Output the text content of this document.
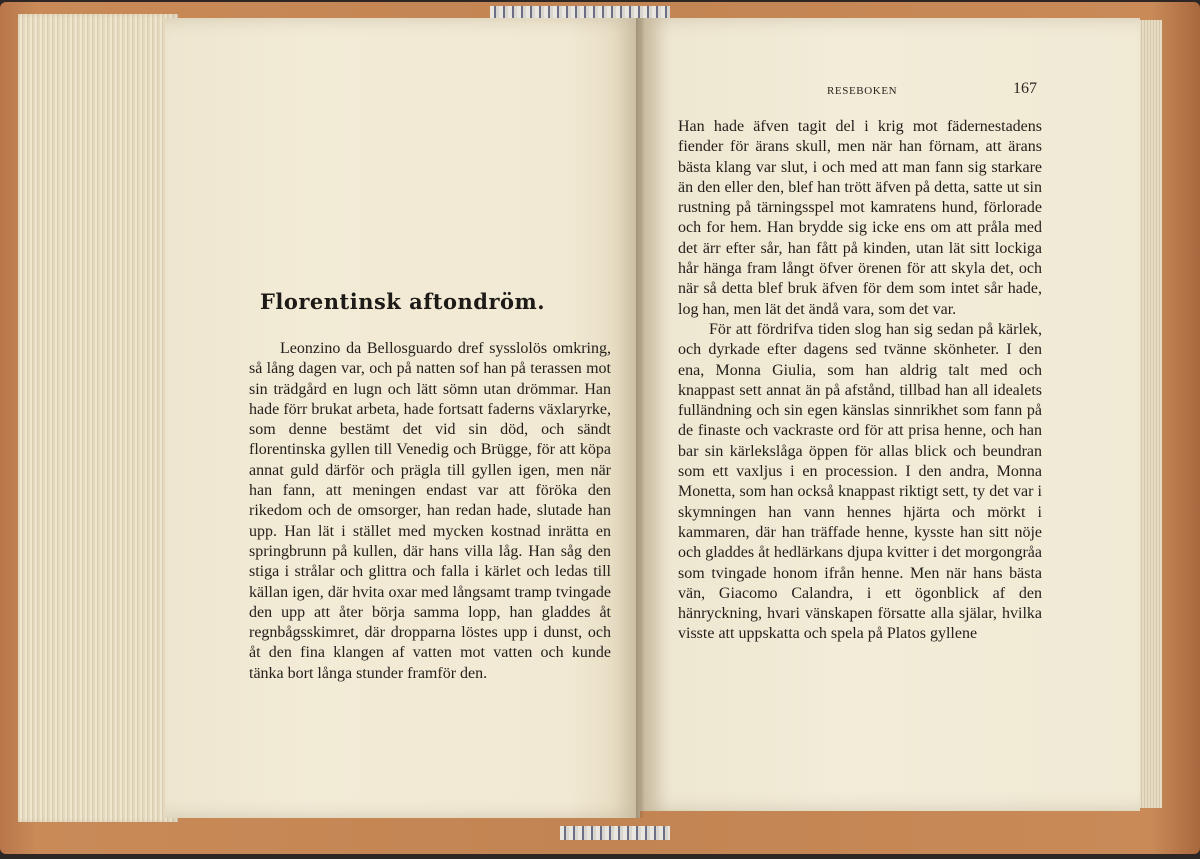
Florentinsk aftondröm.

Leonzino da Bellosguardo dref sysslolös omkring, så lång dagen var, och på natten sof han på terassen mot sin trädgård en lugn och lätt sömn utan drömmar. Han hade förr brukat arbeta, hade fortsatt faderns växlaryrke, som denne bestämt det vid sin död, och sändt florentinska gyllen till Venedig och Brügge, för att köpa annat guld därför och prägla till gyllen igen, men när han fann, att meningen endast var att föröka den rikedom och de omsorger, han redan hade, slutade han upp. Han lät i stället med mycken kostnad inrätta en springbrunn på kullen, där hans villa låg. Han såg den stiga i strålar och glittra och falla i kärlet och ledas till källan igen, där hvita oxar med långsamt tramp tvingade den upp att åter börja samma lopp, han gladdes åt regnbågsskimret, där dropparna löstes upp i dunst, och åt den fina klangen af vatten mot vatten och kunde tänka bort långa stunder framför den.

RESEBOKEN	167

Han hade äfven tagit del i krig mot fädernestadens fiender för ärans skull, men när han förnam, att ärans bästa klang var slut, i och med att man fann sig starkare än den eller den, blef han trött äfven på detta, satte ut sin rustning på tärningsspel mot kamratens hund, förlorade och for hem. Han brydde sig icke ens om att pråla med det ärr efter sår, han fått på kinden, utan lät sitt lockiga hår hänga fram långt öfver örenen för att skyla det, och när så detta blef bruk äfven för dem som intet sår hade, log han, men lät det ändå vara, som det var.

För att fördrifva tiden slog han sig sedan på kärlek, och dyrkade efter dagens sed tvänne skönheter. I den ena, Monna Giulia, som han aldrig talt med och knappast sett annat än på afstånd, tillbad han all idealets fulländning och sin egen känslas sinnrikhet som fann på de finaste och vackraste ord för att prisa henne, och han bar sin kärlekslåga öppen för allas blick och beundran som ett vaxljus i en procession. I den andra, Monna Monetta, som han också knappast riktigt sett, ty det var i skymningen han vann hennes hjärta och mörkt i kammaren, där han träffade henne, kysste han sitt nöje och gladdes åt hedlärkans djupa kvitter i det morgongråa som tvingade honom ifrån henne. Men när hans bästa vän, Giacomo Calandra, i ett ögonblick af den hänryckning, hvari vänskapen försatte alla själar, hvilka visste att uppskatta och spela på Platos gyllene
